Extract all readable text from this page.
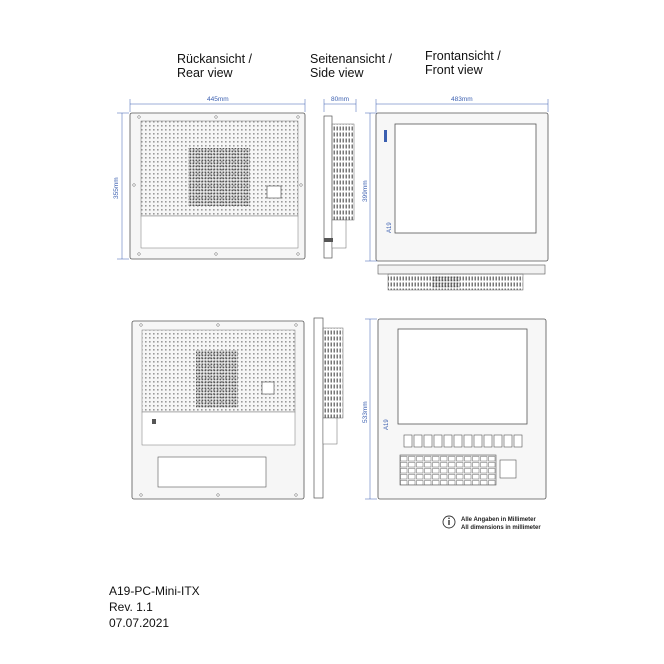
Rückansicht /
Rear view
Seitenansicht /
Side view
Frontansicht /
Front view
445mm
355mm
80mm
A19
483mm
399mm
A19
533mm
Alle Angaben in Millimeter
All dimensions in millimeter
A19-PC-Mini-ITX
Rev. 1.1
07.07.2021
